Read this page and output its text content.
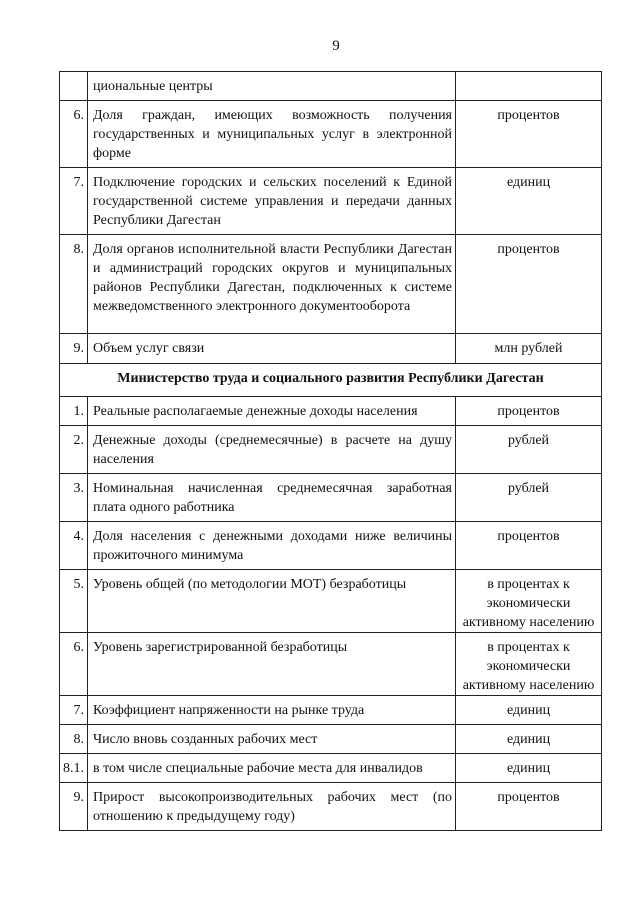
9
	циональные центры	
6.	Доля граждан, имеющих возможность получения государственных и муниципальных услуг в электронной форме	процентов
7.	Подключение городских и сельских поселений к Единой государственной системе управления и передачи данных Республики Дагестан	единиц
8.	Доля органов исполнительной власти Республики Дагестан и администраций городских округов и муниципальных районов Республики Дагестан, подключенных к системе межведомственного электронного документооборота	процентов
9.	Объем услуг связи	млн рублей
Министерство труда и социального развития Республики Дагестан		
1.	Реальные располагаемые денежные доходы населения	процентов
2.	Денежные доходы (среднемесячные) в расчете на душу населения	рублей
3.	Номинальная начисленная среднемесячная заработная плата одного работника	рублей
4.	Доля населения с денежными доходами ниже величины прожиточного минимума	процентов
5.	Уровень общей (по методологии МОТ) безработицы	в процентах к экономически активному населению
6.	Уровень зарегистрированной безработицы	в процентах к экономически активному населению
7.	Коэффициент напряженности на рынке труда	единиц
8.	Число вновь созданных рабочих мест	единиц
8.1.	в том числе специальные рабочие места для инвалидов	единиц
9.	Прирост высокопроизводительных рабочих мест (по отношению к предыдущему году)	процентов
